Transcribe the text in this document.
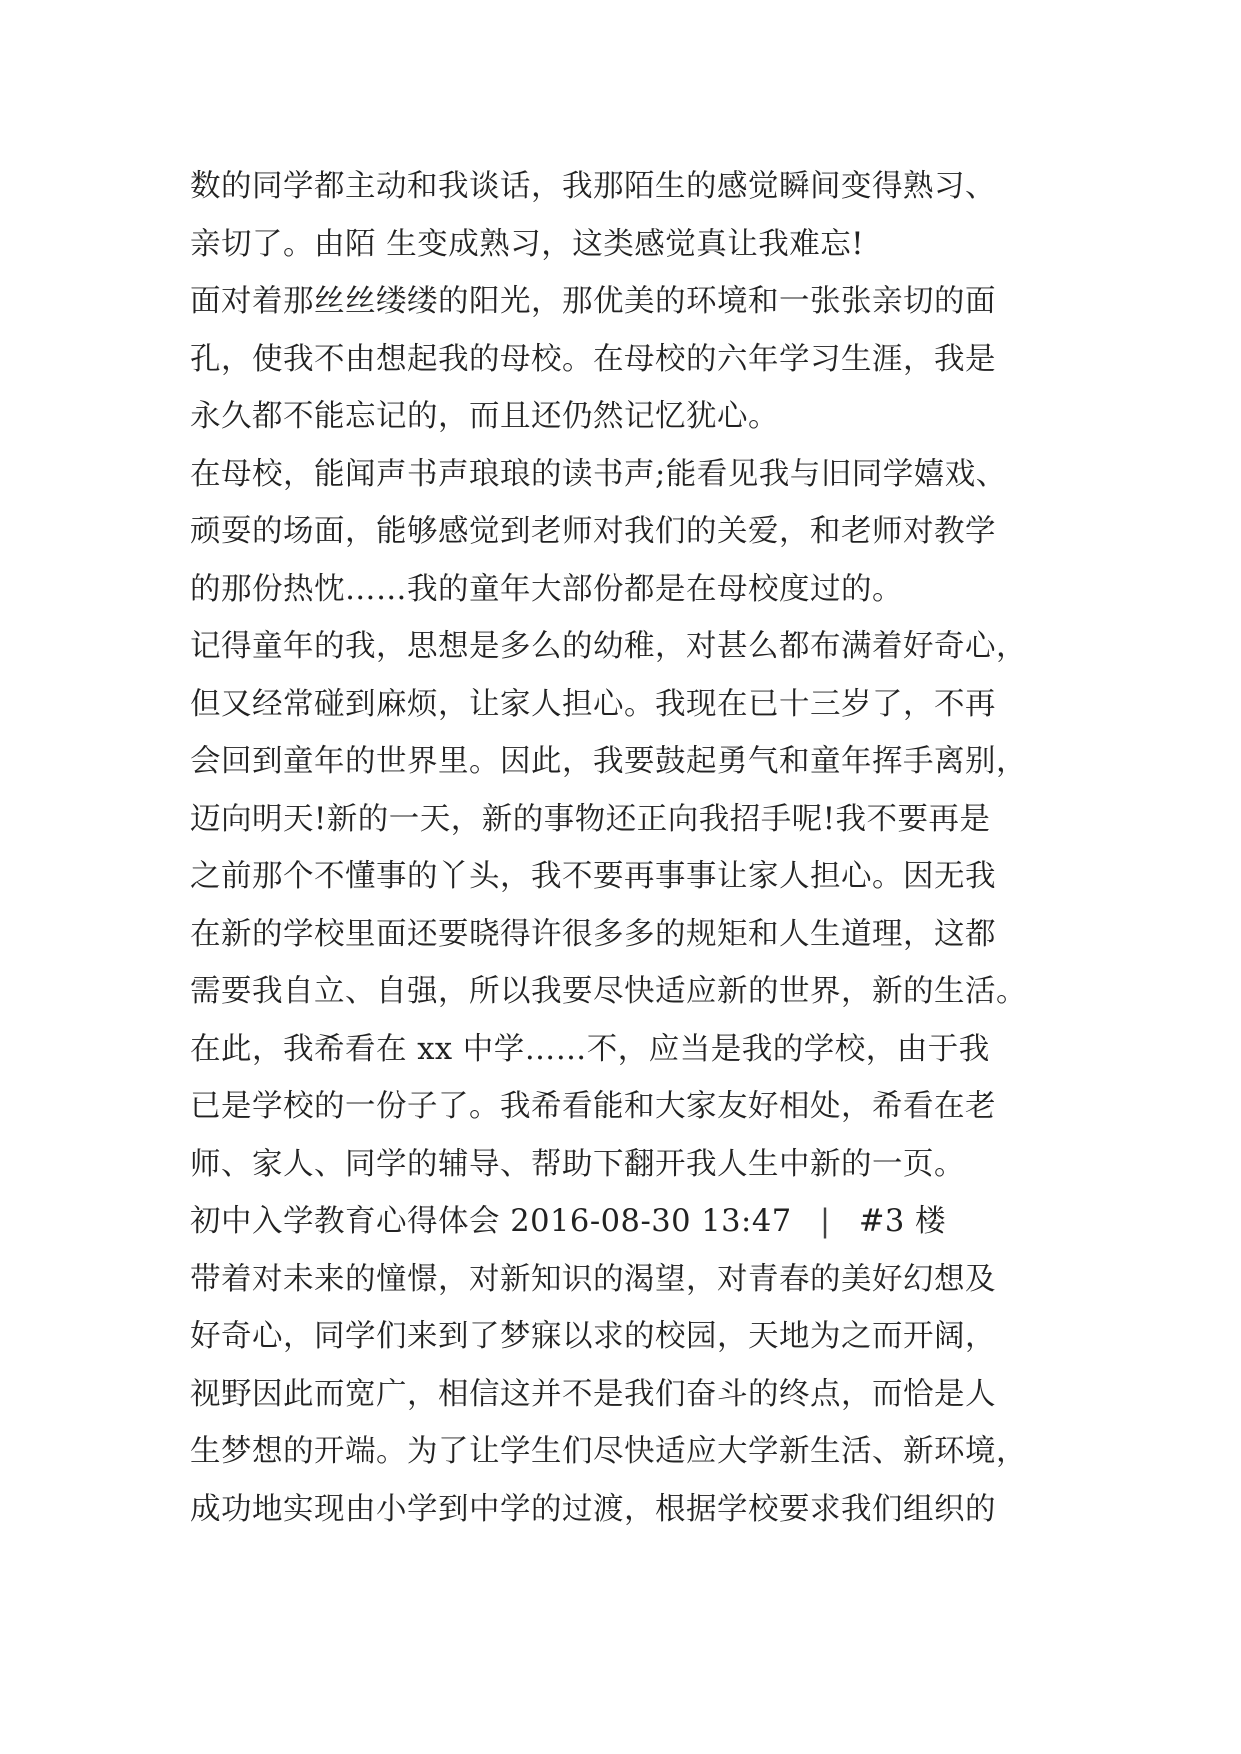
数的同学都主动和我谈话，我那陌生的感觉瞬间变得熟习、
亲切了。由陌 生变成熟习，这类感觉真让我难忘!
面对着那丝丝缕缕的阳光，那优美的环境和一张张亲切的面
孔，使我不由想起我的母校。在母校的六年学习生涯，我是
永久都不能忘记的，而且还仍然记忆犹心。
在母校，能闻声书声琅琅的读书声;能看见我与旧同学嬉戏、
顽耍的场面，能够感觉到老师对我们的关爱，和老师对教学
的那份热忱……我的童年大部份都是在母校度过的。
记得童年的我，思想是多么的幼稚，对甚么都布满着好奇心，
但又经常碰到麻烦，让家人担心。我现在已十三岁了，不再
会回到童年的世界里。因此，我要鼓起勇气和童年挥手离别，
迈向明天!新的一天，新的事物还正向我招手呢!我不要再是
之前那个不懂事的丫头，我不要再事事让家人担心。因无我
在新的学校里面还要晓得许很多多的规矩和人生道理，这都
需要我自立、自强，所以我要尽快适应新的世界，新的生活。
在此，我希看在 xx 中学……不，应当是我的学校，由于我
已是学校的一份子了。我希看能和大家友好相处，希看在老
师、家人、同学的辅导、帮助下翻开我人生中新的一页。
初中入学教育心得体会 2016-08-30 13:47 | #3 楼
带着对未来的憧憬，对新知识的渴望，对青春的美好幻想及
好奇心，同学们来到了梦寐以求的校园，天地为之而开阔，
视野因此而宽广，相信这并不是我们奋斗的终点，而恰是人
生梦想的开端。为了让学生们尽快适应大学新生活、新环境，
成功地实现由小学到中学的过渡，根据学校要求我们组织的
